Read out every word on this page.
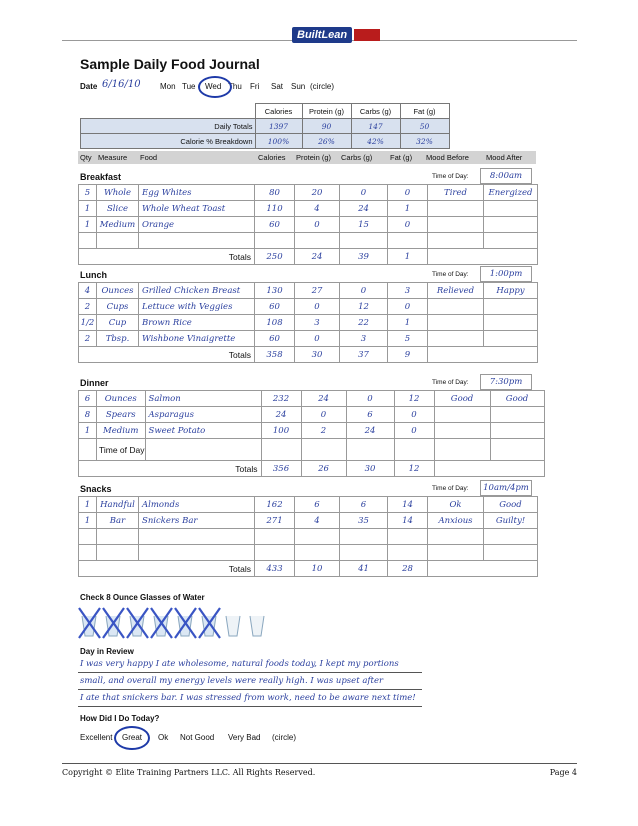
BuiltLean
Sample Daily Food Journal
Date 6/16/10 Mon Tue Wed Thu Fri Sat Sun (circle)
	Calories	Protein (g)	Carbs (g)	Fat (g)
Daily Totals	1397	90	147	50
Calorie % Breakdown	100%	26%	42%	32%
Qty Measure Food	Calories Protein (g) Carbs (g) Fat (g) Mood Before Mood After
Breakfast	Time of Day:	8:00am
5	Whole	Egg Whites	80	20	0	0	Tired	Energized
1	Slice	Whole Wheat Toast	110	4	24	1		
1	Medium	Orange	60	0	15	0		

Totals			250	24	39	1		
Lunch	Time of Day:	1:00pm
4	Ounces	Grilled Chicken Breast	130	27	0	3	Relieved	Happy
2	Cups	Lettuce with Veggies	60	0	12	0		
1/2	Cup	Brown Rice	108	3	22	1		
2	Tbsp.	Wishbone Vinaigrette	60	0	3	5		
Totals			358	30	37	9		
Dinner	Time of Day:	7:30pm
6	Ounces	Salmon	232	24	0	12	Good	Good
8	Spears	Asparagus	24	0	6	0		
1	Medium	Sweet Potato	100	2	24	0		
	Time of Day							
Totals			356	26	30	12		
Snacks	Time of Day:	10am/4pm
1	Handful	Almonds	162	6	6	14	Ok	Good
1	Bar	Snickers Bar	271	4	35	14	Anxious	Guilty!

Totals			433	10	41	28		
Check 8 Ounce Glasses of Water
Day in Review
I was very happy I ate wholesome, natural foods today, I kept my portions
small, and overall my energy levels were really high. I was upset after
I ate that snickers bar. I was stressed from work, need to be aware next time!
How Did I Do Today?
Excellent Great Ok Not Good Very Bad (circle)
Copyright © Elite Training Partners LLC. All Rights Reserved.	Page 4
